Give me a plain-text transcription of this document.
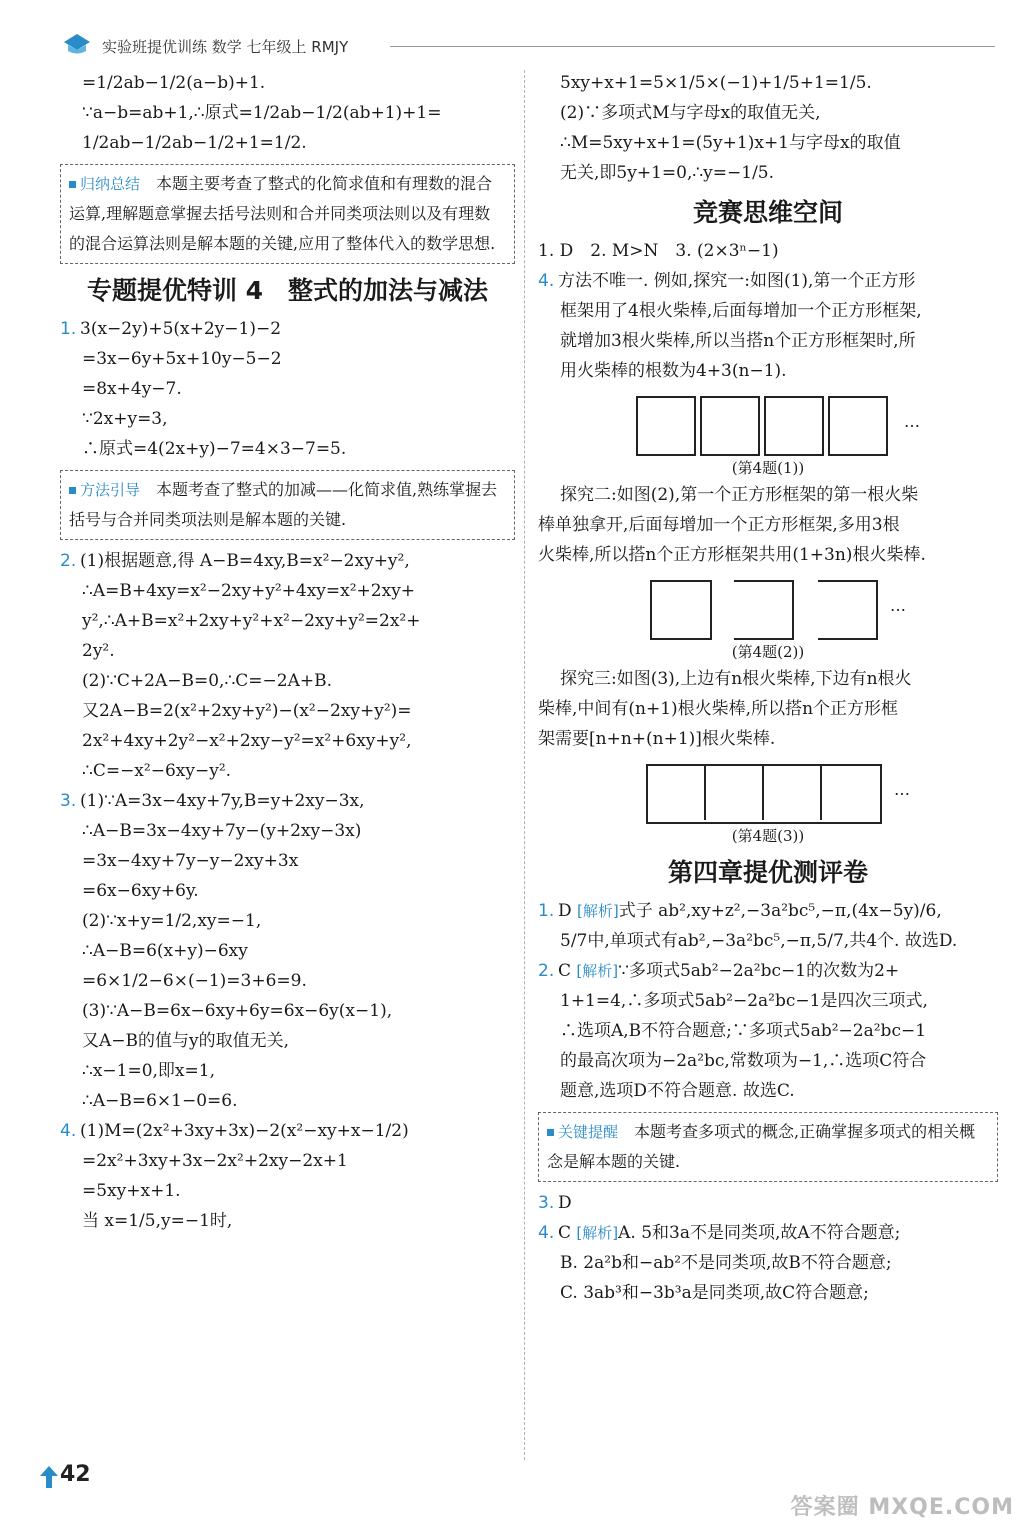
实验班提优训练 数学 七年级上 RMJY
=1/2ab−1/2(a−b)+1.
∵a−b=ab+1,∴原式=1/2ab−1/2(ab+1)+1=
1/2ab−1/2ab−1/2+1=1/2.
归纳总结　 本题主要考查了整式的化简求值和有理数的混合运算,理解题意掌握去括号法则和合并同类项法则以及有理数的混合运算法则是解本题的关键,应用了整体代入的数学思想.
专题提优特训 4　整式的加法与减法
1. 3(x−2y)+5(x+2y−1)−2
=3x−6y+5x+10y−5−2
=8x+4y−7.
∵2x+y=3,
∴原式=4(2x+y)−7=4×3−7=5.
方法引导　 本题考查了整式的加减——化简求值,熟练掌握去括号与合并同类项法则是解本题的关键.
2. (1)根据题意,得 A−B=4xy,B=x²−2xy+y²,
∴A=B+4xy=x²−2xy+y²+4xy=x²+2xy+
y²,∴A+B=x²+2xy+y²+x²−2xy+y²=2x²+
2y².
(2)∵C+2A−B=0,∴C=−2A+B.
又2A−B=2(x²+2xy+y²)−(x²−2xy+y²)=
2x²+4xy+2y²−x²+2xy−y²=x²+6xy+y²,
∴C=−x²−6xy−y².
3. (1)∵A=3x−4xy+7y,B=y+2xy−3x,
∴A−B=3x−4xy+7y−(y+2xy−3x)
=3x−4xy+7y−y−2xy+3x
=6x−6xy+6y.
(2)∵x+y=1/2,xy=−1,
∴A−B=6(x+y)−6xy
=6×1/2−6×(−1)=3+6=9.
(3)∵A−B=6x−6xy+6y=6x−6y(x−1),
又A−B的值与y的取值无关,
∴x−1=0,即x=1,
∴A−B=6×1−0=6.
4. (1)M=(2x²+3xy+3x)−2(x²−xy+x−1/2)
=2x²+3xy+3x−2x²+2xy−2x+1
=5xy+x+1.
当 x=1/5,y=−1时,
5xy+x+1=5×1/5×(−1)+1/5+1=1/5.
(2)∵多项式M与字母x的取值无关,
∴M=5xy+x+1=(5y+1)x+1与字母x的取值
无关,即5y+1=0,∴y=−1/5.
竞赛思维空间
1. D　2. M>N　3. (2×3ⁿ−1)
4. 方法不唯一. 例如,探究一:如图(1),第一个正方形
框架用了4根火柴棒,后面每增加一个正方形框架,
就增加3根火柴棒,所以当搭n个正方形框架时,所
用火柴棒的根数为4+3(n−1).
…
(第4题(1))
探究二:如图(2),第一个正方形框架的第一根火柴
棒单独拿开,后面每增加一个正方形框架,多用3根
火柴棒,所以搭n个正方形框架共用(1+3n)根火柴棒.
…
(第4题(2))
探究三:如图(3),上边有n根火柴棒,下边有n根火
柴棒,中间有(n+1)根火柴棒,所以搭n个正方形框
架需要[n+n+(n+1)]根火柴棒.
…
(第4题(3))
第四章提优测评卷
1. D [解析]式子 ab²,xy+z²,−3a²bc⁵,−π,(4x−5y)/6,
5/7中,单项式有ab²,−3a²bc⁵,−π,5/7,共4个. 故选D.
2. C [解析]∵多项式5ab²−2a²bc−1的次数为2+
1+1=4,∴多项式5ab²−2a²bc−1是四次三项式,
∴选项A,B不符合题意;∵多项式5ab²−2a²bc−1
的最高次项为−2a²bc,常数项为−1,∴选项C符合
题意,选项D不符合题意. 故选C.
关键提醒　 本题考查多项式的概念,正确掌握多项式的相关概念是解本题的关键.
3. D
4. C [解析]A. 5和3a不是同类项,故A不符合题意;
B. 2a²b和−ab²不是同类项,故B不符合题意;
C. 3ab³和−3b³a是同类项,故C符合题意;
42
答案圈 MXQE.COM
